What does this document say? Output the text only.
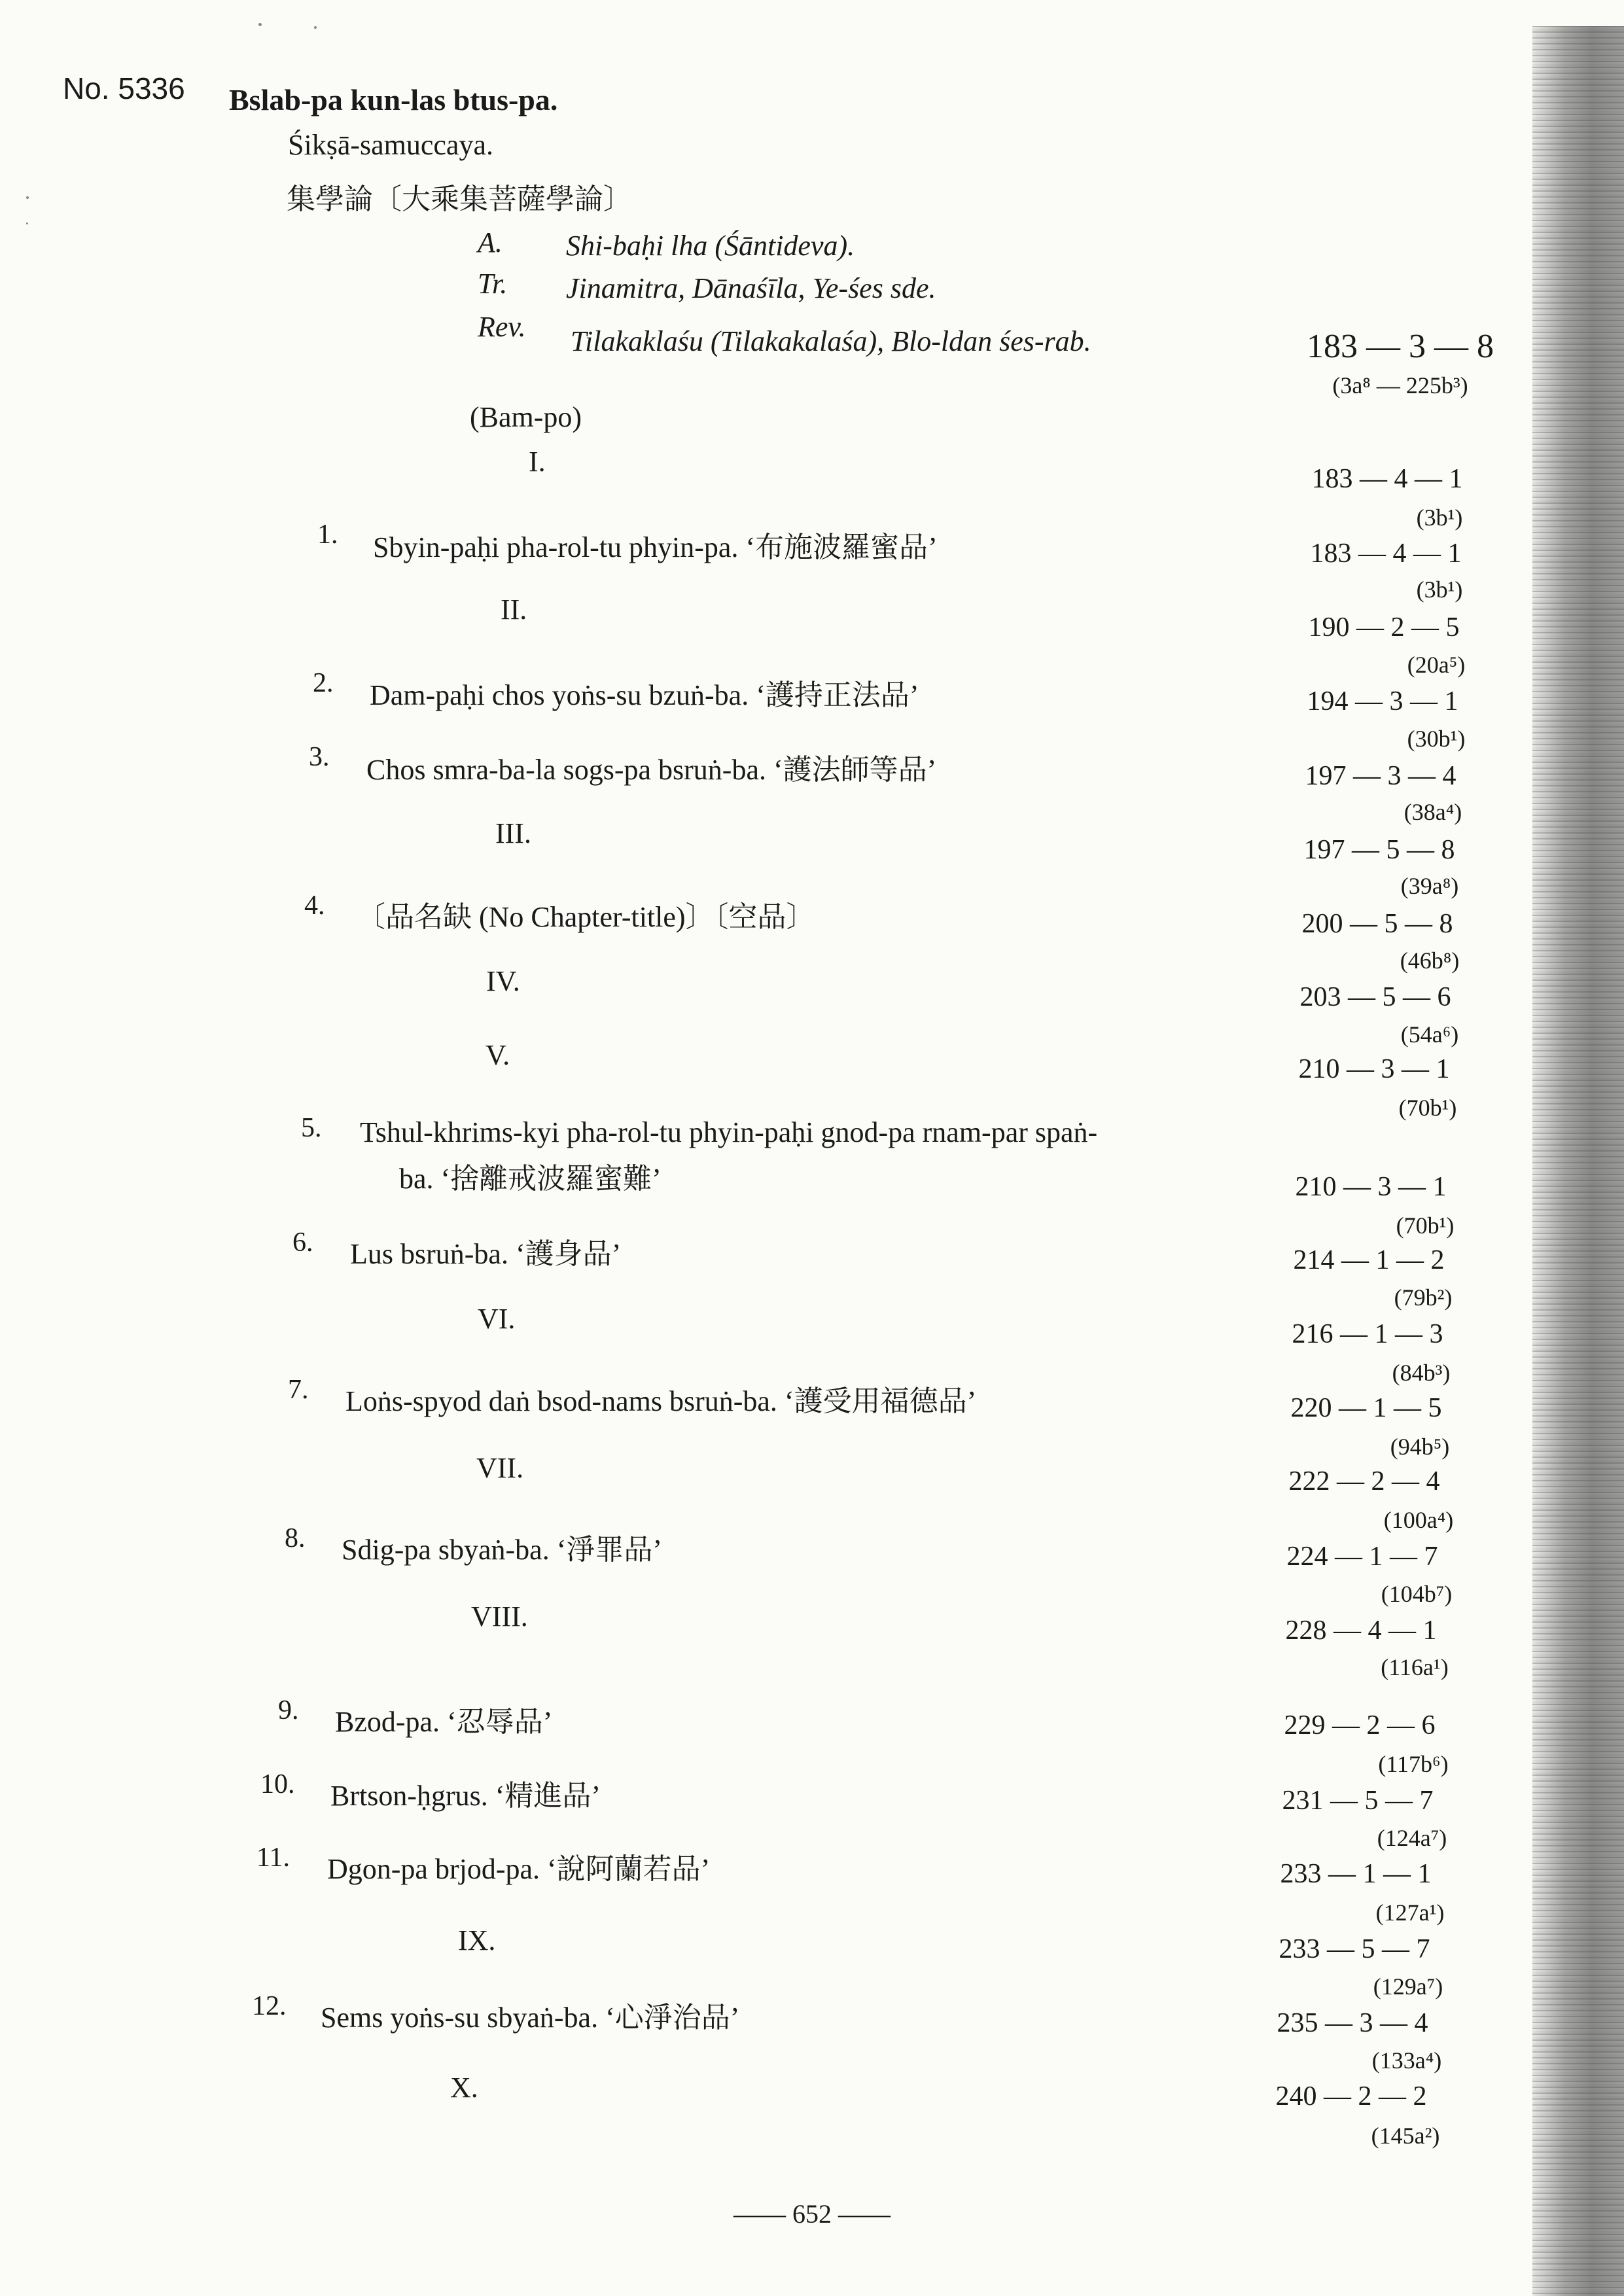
No. 5336 Bslab-pa kun-las btus-pa.
Śikṣā-samuccaya.
集學論〔大乘集菩薩學論〕
A. Shi-baḥi lha (Śāntideva).
Tr. Jinamitra, Dānaśīla, Ye-śes sde.
Rev. Tilakaklaśu (Tilakakalaśa), Blo-ldan śes-rab.	183 — 3 — 8
(3a⁸ — 225b³)
(Bam-po)
I.
II.
III.
IV.
V.
VI.
VII.
VIII.
IX.
X.
1. Sbyin-paḥi pha-rol-tu phyin-pa. ‘布施波羅蜜品’
2. Dam-paḥi chos yoṅs-su bzuṅ-ba. ‘護持正法品’
3. Chos smra-ba-la sogs-pa bsruṅ-ba. ‘護法師等品’
4. 〔品名缺 (No Chapter-title)〕〔空品〕
5. Tshul-khrims-kyi pha-rol-tu phyin-paḥi gnod-pa rnam-par spaṅ-
ba. ‘捨離戒波羅蜜難’
6. Lus bsruṅ-ba. ‘護身品’
7. Loṅs-spyod daṅ bsod-nams bsruṅ-ba. ‘護受用福德品’
8. Sdig-pa sbyaṅ-ba. ‘淨罪品’
9. Bzod-pa. ‘忍辱品’
10. Brtson-ḥgrus. ‘精進品’
11. Dgon-pa brjod-pa. ‘說阿蘭若品’
12. Sems yoṅs-su sbyaṅ-ba. ‘心淨治品’
183 — 4 — 1
(3b¹)
183 — 4 — 1
(3b¹)
190 — 2 — 5
(20a⁵)
194 — 3 — 1
(30b¹)
197 — 3 — 4
(38a⁴)
197 — 5 — 8
(39a⁸)
200 — 5 — 8
(46b⁸)
203 — 5 — 6
(54a⁶)
210 — 3 — 1
(70b¹)
210 — 3 — 1
(70b¹)
214 — 1 — 2
(79b²)
216 — 1 — 3
(84b³)
220 — 1 — 5
(94b⁵)
222 — 2 — 4
(100a⁴)
224 — 1 — 7
(104b⁷)
228 — 4 — 1
(116a¹)
229 — 2 — 6
(117b⁶)
231 — 5 — 7
(124a⁷)
233 — 1 — 1
(127a¹)
233 — 5 — 7
(129a⁷)
235 — 3 — 4
(133a⁴)
240 — 2 — 2
(145a²)
—— 652 ——
